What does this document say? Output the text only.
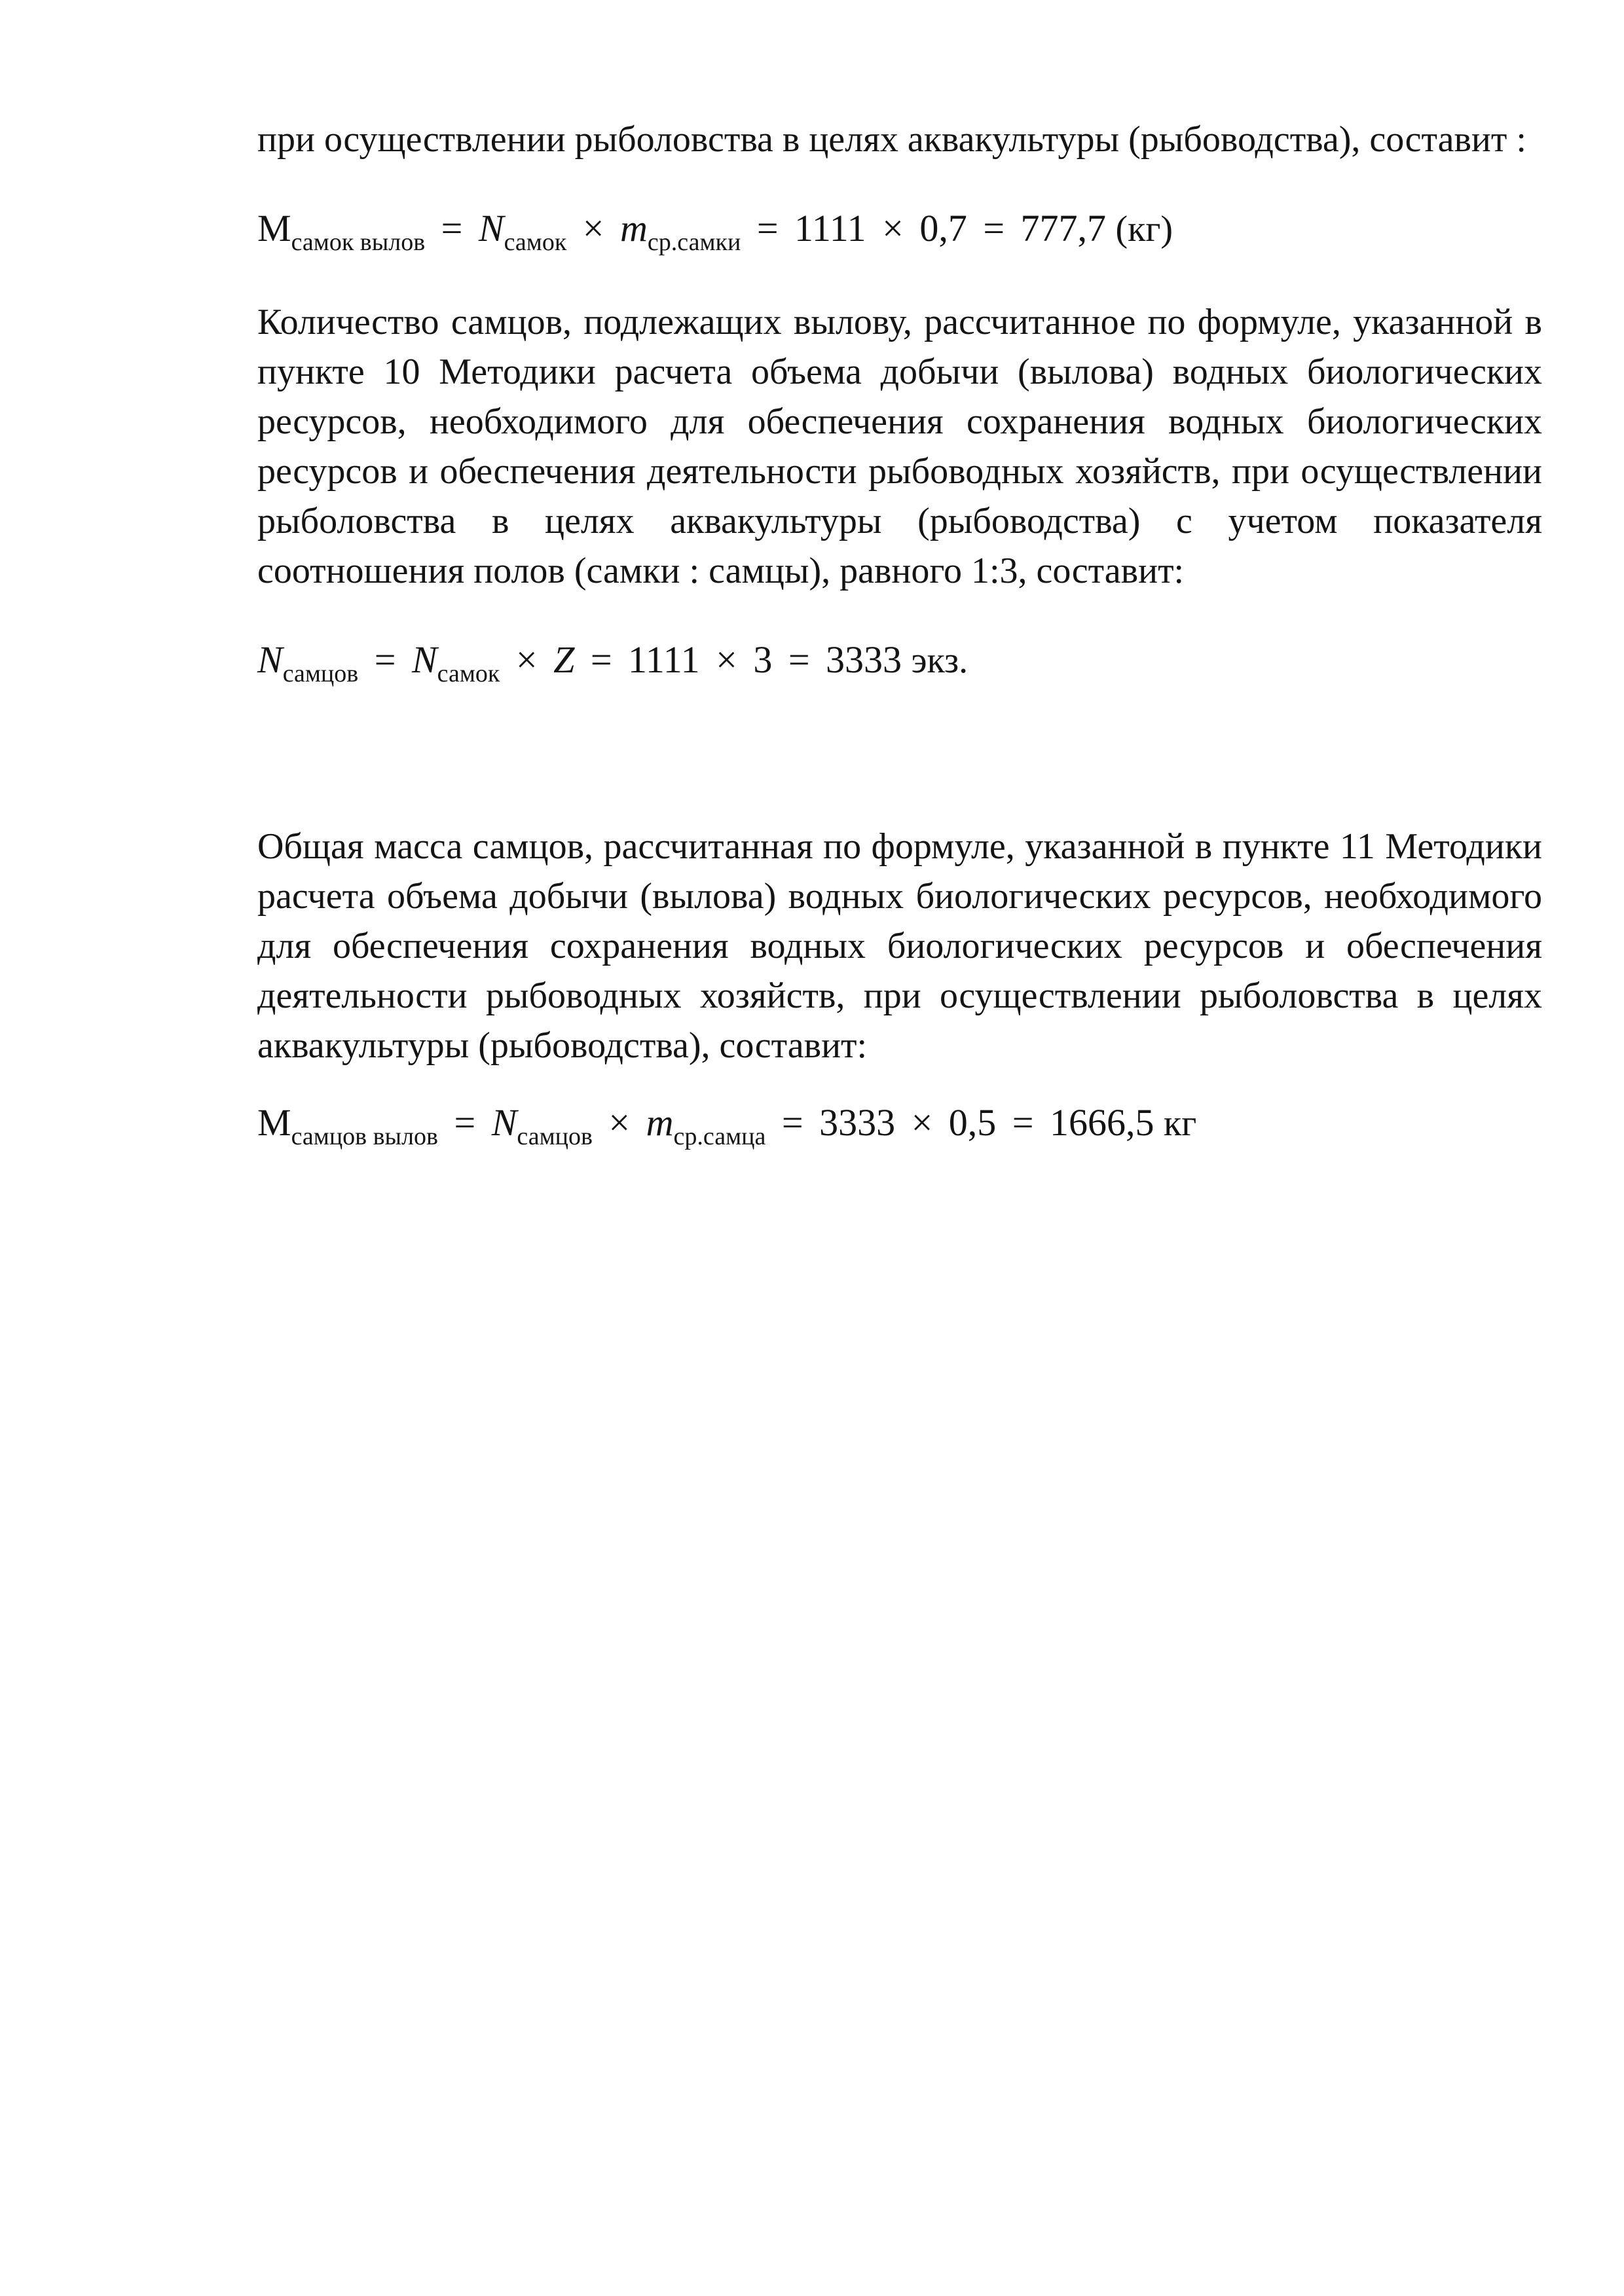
при осуществлении рыболовства в целях аквакультуры (рыбоводства), составит :

$M_{самок вылов} = N_{самок} \times m_{ср.самки} = 1111 \times 0,7 = 777,7$ (кг)

Количество самцов, подлежащих вылову, рассчитанное по формуле, указанной в пункте 10 Методики расчета объема добычи (вылова) водных биологических ресурсов, необходимого для обеспечения сохранения водных биологических ресурсов и обеспечения деятельности рыбоводных хозяйств, при осуществлении рыболовства в целях аквакультуры (рыбоводства) с учетом показателя соотношения полов (самки : самцы), равного 1:3, составит:

$N_{самцов} = N_{самок} \times Z = 1111 \times 3 = 3333$ экз.

Общая масса самцов, рассчитанная по формуле, указанной в пункте 11 Методики расчета объема добычи (вылова) водных биологических ресурсов, необходимого для обеспечения сохранения водных биологических ресурсов и обеспечения деятельности рыбоводных хозяйств, при осуществлении рыболовства в целях аквакультуры (рыбоводства), составит:

$M_{самцов вылов} = N_{самцов} \times m_{ср.самца} = 3333 \times 0,5 = 1666,5$ кг
